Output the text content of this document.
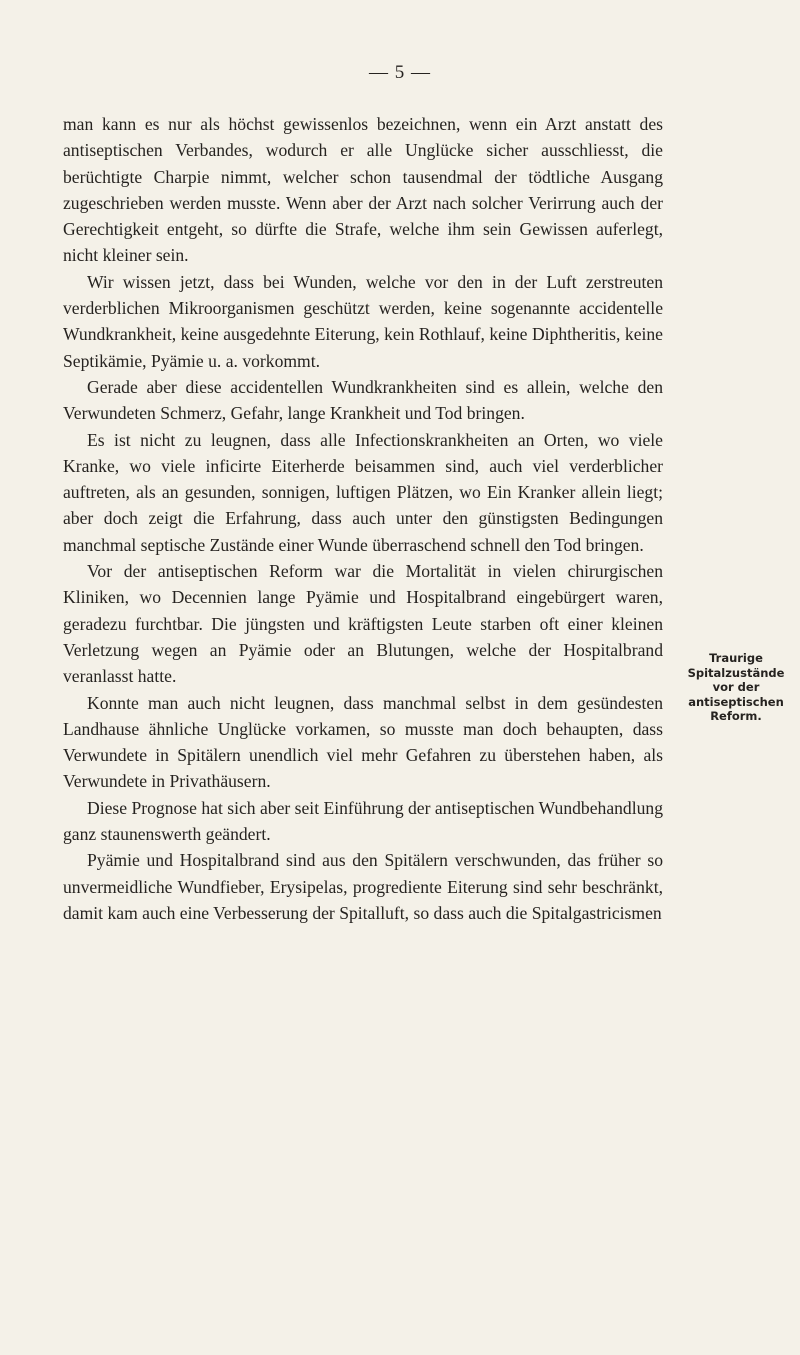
— 5 —

man kann es nur als höchst gewissenlos bezeichnen, wenn ein Arzt anstatt des antiseptischen Verbandes, wodurch er alle Unglücke sicher ausschliesst, die berüchtigte Charpie nimmt, welcher schon tausendmal der tödtliche Ausgang zugeschrieben werden musste. Wenn aber der Arzt nach solcher Verirrung auch der Gerechtigkeit entgeht, so dürfte die Strafe, welche ihm sein Gewissen auferlegt, nicht kleiner sein.

Wir wissen jetzt, dass bei Wunden, welche vor den in der Luft zerstreuten verderblichen Mikroorganismen geschützt werden, keine sogenannte accidentelle Wundkrankheit, keine ausgedehnte Eiterung, kein Rothlauf, keine Diphtheritis, keine Septikämie, Pyämie u. a. vorkommt.

Gerade aber diese accidentellen Wundkrankheiten sind es allein, welche den Verwundeten Schmerz, Gefahr, lange Krankheit und Tod bringen.

Es ist nicht zu leugnen, dass alle Infectionskrankheiten an Orten, wo viele Kranke, wo viele inficirte Eiterherde beisammen sind, auch viel verderblicher auftreten, als an gesunden, sonnigen, luftigen Plätzen, wo Ein Kranker allein liegt; aber doch zeigt die Erfahrung, dass auch unter den günstigsten Bedingungen manchmal septische Zustände einer Wunde überraschend schnell den Tod bringen.

Vor der antiseptischen Reform war die Mortalität in vielen chirurgischen Kliniken, wo Decennien lange Pyämie und Hospitalbrand eingebürgert waren, geradezu furchtbar. Die jüngsten und kräftigsten Leute starben oft einer kleinen Verletzung wegen an Pyämie oder an Blutungen, welche der Hospitalbrand veranlasst hatte.

Konnte man auch nicht leugnen, dass manchmal selbst in dem gesündesten Landhause ähnliche Unglücke vorkamen, so musste man doch behaupten, dass Verwundete in Spitälern unendlich viel mehr Gefahren zu überstehen haben, als Verwundete in Privathäusern.

Diese Prognose hat sich aber seit Einführung der antiseptischen Wundbehandlung ganz staunenswerth geändert.

Pyämie und Hospitalbrand sind aus den Spitälern verschwunden, das früher so unvermeidliche Wundfieber, Erysipelas, progrediente Eiterung sind sehr beschränkt, damit kam auch eine Verbesserung der Spitalluft, so dass auch die Spitalgastricismen

Traurige Spitalzustände vor der antiseptischen Reform.
